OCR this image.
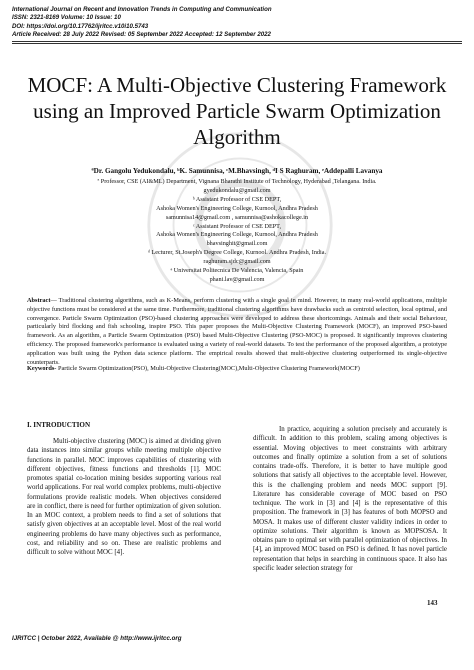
International Journal on Recent and Innovation Trends in Computing and Communication
ISSN: 2321-8169 Volume: 10 Issue: 10
DOI: https://doi.org/10.17762/ijritcc.v10i10.5743
Article Received: 28 July 2022 Revised: 05 September 2022 Accepted: 12 September 2022
MOCF: A Multi-Objective Clustering Framework using an Improved Particle Swarm Optimization Algorithm
ªDr. Gangolu Yedukondalu, ᵇK. Samunnisa, ᶜM.Bhavsingh, ᵈI S Raghuram, ᵉAddepalli Lavanya
ª Professor, CSE (AI&ML) Department, Vignana Bharathi Institute of Technology, Hyderabad ,Telangana. India.
gyedukondalu@gmail.com
ᵇ Assistant Professor of CSE DEPT,
Ashoka Women's Engineering College, Kurnool, Andhra Pradesh
samunnisa14@gmail.com , samunnisa@ashokacollege.in
ᶜ Assistant Professor of CSE DEPT,
Ashoka Women's Engineering College, Kurnool, Andhra Pradesh
bhavsinghit@gmail.com
ᵈ Lecturer, St.Joseph's Degree College, Kurnool. Andhra Pradesh, India.
raghuram.sjdc@gmail.com
ᵉ Universitat Politecnica De Valencia, Valencia, Spain
phani.lav@gmail.com
Abstract— Traditional clustering algorithms, such as K-Means, perform clustering with a single goal in mind. However, in many real-world applications, multiple objective functions must be considered at the same time. Furthermore, traditional clustering algorithms have drawbacks such as centroid selection, local optimal, and convergence. Particle Swarm Optimization (PSO)-based clustering approaches were developed to address these shortcomings. Animals and their social Behaviour, particularly bird flocking and fish schooling, inspire PSO. This paper proposes the Multi-Objective Clustering Framework (MOCF), an improved PSO-based framework. As an algorithm, a Particle Swarm Optimization (PSO) based Multi-Objective Clustering (PSO-MOC) is proposed. It significantly improves clustering efficiency. The proposed framework's performance is evaluated using a variety of real-world datasets. To test the performance of the proposed algorithm, a prototype application was built using the Python data science platform. The empirical results showed that multi-objective clustering outperformed its single-objective counterparts.
Keywords- Particle Swarm Optimization(PSO), Multi-Objective Clustering(MOC),Multi-Objective Clustering Framework(MOCF)
I. INTRODUCTION
Multi-objective clustering (MOC) is aimed at dividing given data instances into similar groups while meeting multiple objective functions in parallel. MOC improves capabilities of clustering with different objectives, fitness functions and thresholds [1]. MOC promotes spatial co-location mining besides supporting various real world applications. For real world complex problems, multi-objective formulations provide realistic models. When objectives considered are in conflict, there is need for further optimization of given solution. In an MOC context, a problem needs to find a set of solutions that satisfy given objectives at an acceptable level. Most of the real world engineering problems do have many objectives such as performance, cost, and reliability and so on. These are realistic problems and difficult to solve without MOC [4].
In practice, acquiring a solution precisely and accurately is difficult. In addition to this problem, scaling among objectives is essential. Moving objectives to meet constraints with arbitrary outcomes and finally optimize a solution from a set of solutions contains trade-offs. Therefore, it is better to have multiple good solutions that satisfy all objectives to the acceptable level. However, this is the challenging problem and needs MOC support [9]. Literature has considerable coverage of MOC based on PSO technique. The work in [3] and [4] is the representative of this proposition. The framework in [3] has features of both MOPSO and MOSA. It makes use of different cluster validity indices in order to optimize solutions. Their algorithm is known as MOPSOSA. It obtains pare to optimal set with parallel optimization of objectives. In [4], an improved MOC based on PSO is defined. It has novel particle representation that helps in searching in continuous space. It also has specific leader selection strategy for
143
IJRITCC | October 2022, Available @ http://www.ijritcc.org
